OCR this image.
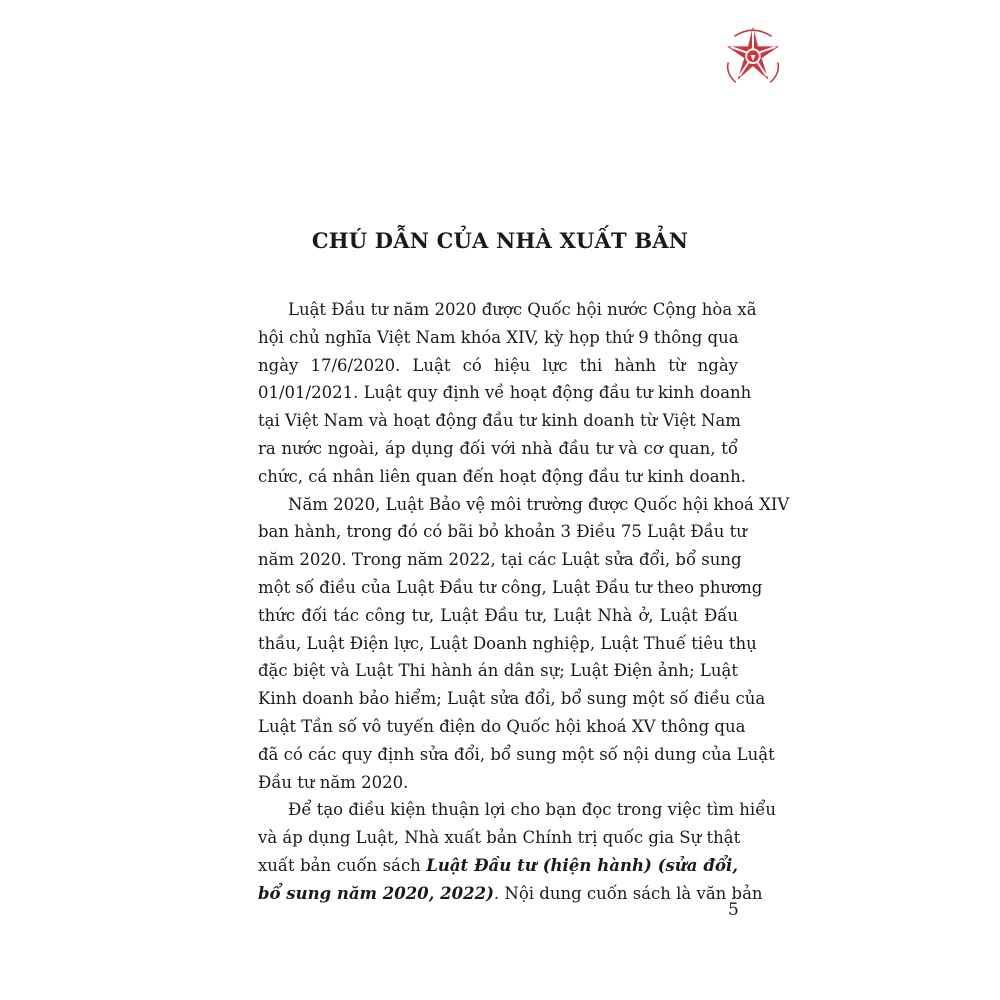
CHÚ DẪN CỦA NHÀ XUẤT BẢN
Luật Đầu tư năm 2020 được Quốc hội nước Cộng hòa xã
hội chủ nghĩa Việt Nam khóa XIV, kỳ họp thứ 9 thông qua
ngày 17/6/2020. Luật có hiệu lực thi hành từ ngày
01/01/2021. Luật quy định về hoạt động đầu tư kinh doanh
tại Việt Nam và hoạt động đầu tư kinh doanh từ Việt Nam
ra nước ngoài, áp dụng đối với nhà đầu tư và cơ quan, tổ
chức, cá nhân liên quan đến hoạt động đầu tư kinh doanh.
Năm 2020, Luật Bảo vệ môi trường được Quốc hội khoá XIV
ban hành, trong đó có bãi bỏ khoản 3 Điều 75 Luật Đầu tư
năm 2020. Trong năm 2022, tại các Luật sửa đổi, bổ sung
một số điều của Luật Đầu tư công, Luật Đầu tư theo phương
thức đối tác công tư, Luật Đầu tư, Luật Nhà ở, Luật Đấu
thầu, Luật Điện lực, Luật Doanh nghiệp, Luật Thuế tiêu thụ
đặc biệt và Luật Thi hành án dân sự; Luật Điện ảnh; Luật
Kinh doanh bảo hiểm; Luật sửa đổi, bổ sung một số điều của
Luật Tần số vô tuyến điện do Quốc hội khoá XV thông qua
đã có các quy định sửa đổi, bổ sung một số nội dung của Luật
Đầu tư năm 2020.
Để tạo điều kiện thuận lợi cho bạn đọc trong việc tìm hiểu
và áp dụng Luật, Nhà xuất bản Chính trị quốc gia Sự thật
xuất bản cuốn sách Luật Đầu tư (hiện hành) (sửa đổi,
bổ sung năm 2020, 2022). Nội dung cuốn sách là văn bản
5
